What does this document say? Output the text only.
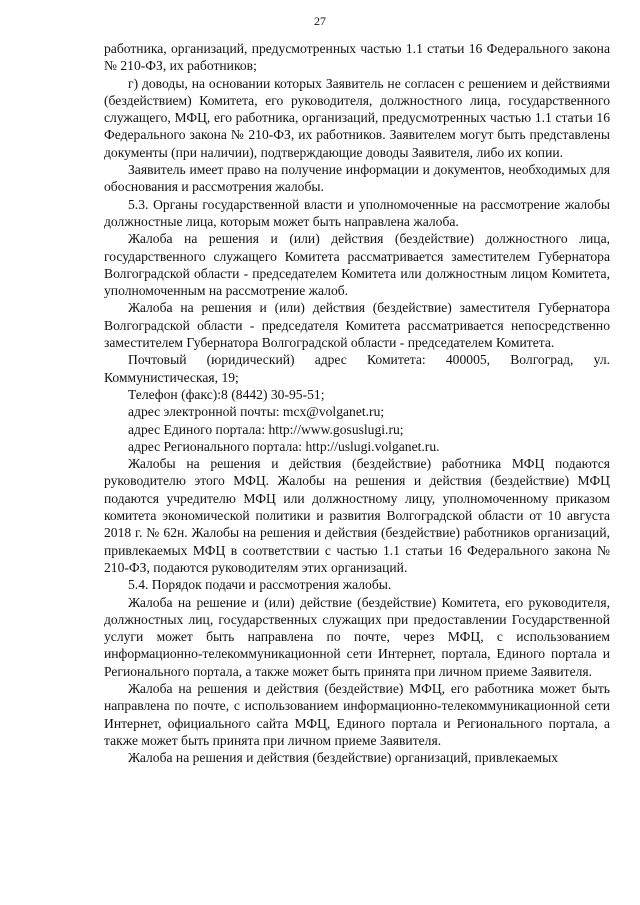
27

работника, организаций, предусмотренных частью 1.1 статьи 16 Федерального закона № 210-ФЗ, их работников;

г) доводы, на основании которых Заявитель не согласен с решением и действиями (бездействием) Комитета, его руководителя, должностного лица, государственного служащего, МФЦ, его работника, организаций, предусмотренных частью 1.1 статьи 16 Федерального закона № 210-ФЗ, их работников. Заявителем могут быть представлены документы (при наличии), подтверждающие доводы Заявителя, либо их копии.

Заявитель имеет право на получение информации и документов, необходимых для обоснования и рассмотрения жалобы.

5.3. Органы государственной власти и уполномоченные на рассмотрение жалобы должностные лица, которым может быть направлена жалоба.

Жалоба на решения и (или) действия (бездействие) должностного лица, государственного служащего Комитета рассматривается заместителем Губернатора Волгоградской области - председателем Комитета или должностным лицом Комитета, уполномоченным на рассмотрение жалоб.

Жалоба на решения и (или) действия (бездействие) заместителя Губернатора Волгоградской области - председателя Комитета рассматривается непосредственно заместителем Губернатора Волгоградской области - председателем Комитета.

Почтовый (юридический) адрес Комитета: 400005, Волгоград, ул. Коммунистическая, 19;

Телефон (факс):8 (8442) 30-95-51;

адрес электронной почты: mcx@volganet.ru;

адрес Единого портала: http://www.gosuslugi.ru;

адрес Регионального портала: http://uslugi.volganet.ru.

Жалобы на решения и действия (бездействие) работника МФЦ подаются руководителю этого МФЦ. Жалобы на решения и действия (бездействие) МФЦ подаются учредителю МФЦ или должностному лицу, уполномоченному приказом комитета экономической политики и развития Волгоградской области от 10 августа 2018 г. № 62н. Жалобы на решения и действия (бездействие) работников организаций, привлекаемых МФЦ в соответствии с частью 1.1 статьи 16 Федерального закона № 210-ФЗ, подаются руководителям этих организаций.

5.4. Порядок подачи и рассмотрения жалобы.

Жалоба на решение и (или) действие (бездействие) Комитета, его руководителя, должностных лиц, государственных служащих при предоставлении Государственной услуги может быть направлена по почте, через МФЦ, с использованием информационно-телекоммуникационной сети Интернет, портала, Единого портала и Регионального портала, а также может быть принята при личном приеме Заявителя.

Жалоба на решения и действия (бездействие) МФЦ, его работника может быть направлена по почте, с использованием информационно-телекоммуникационной сети Интернет, официального сайта МФЦ, Единого портала и Регионального портала, а также может быть принята при личном приеме Заявителя.

Жалоба на решения и действия (бездействие) организаций, привлекаемых
